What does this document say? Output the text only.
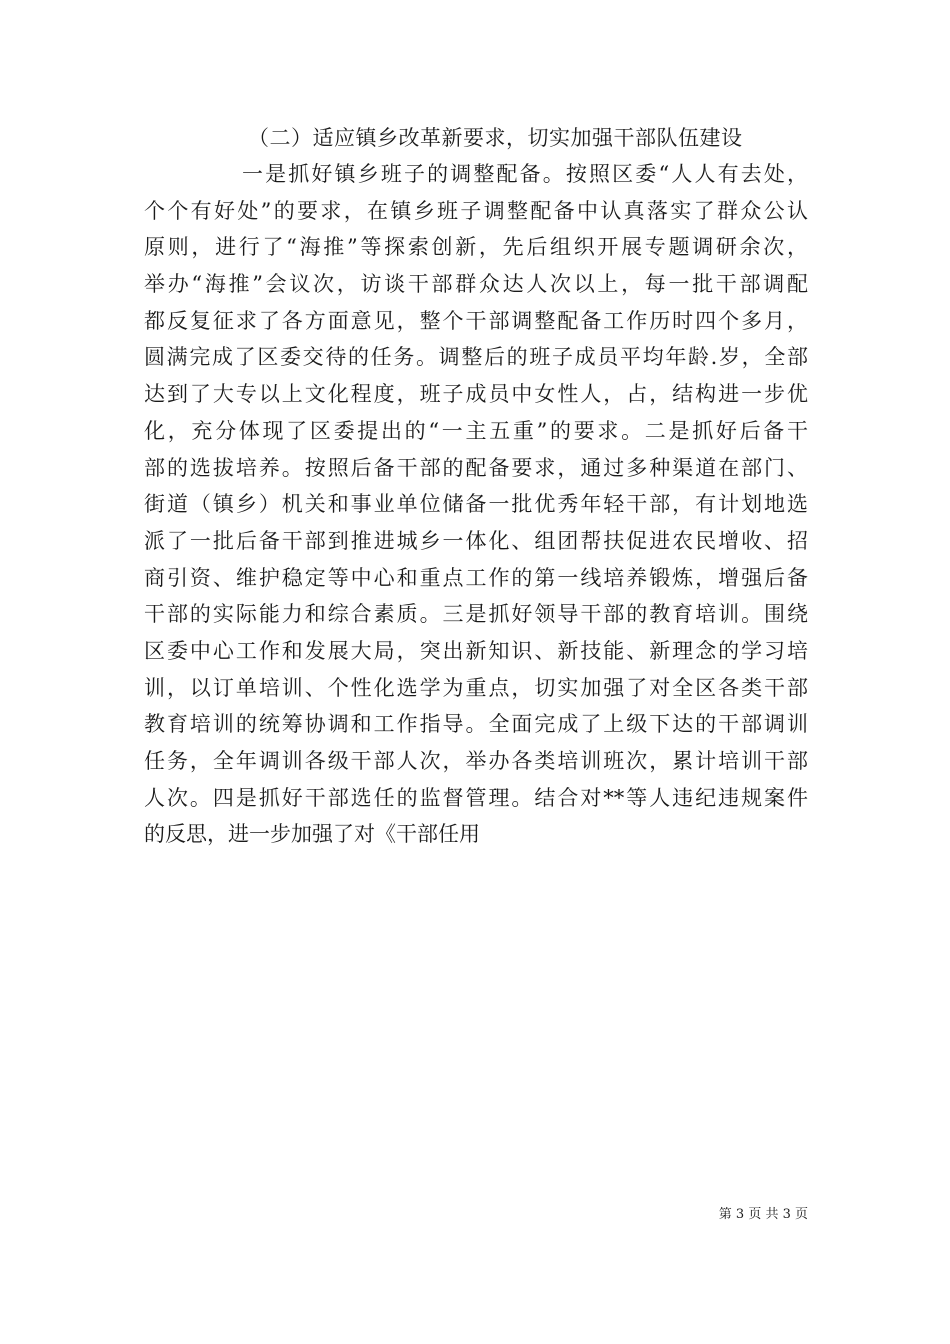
（二）适应镇乡改革新要求，切实加强干部队伍建设
一是抓好镇乡班子的调整配备。按照区委“人人有去处，
个个有好处”的要求，在镇乡班子调整配备中认真落实了群众公认
原则，进行了“海推”等探索创新，先后组织开展专题调研余次，
举办“海推”会议次，访谈干部群众达人次以上，每一批干部调配
都反复征求了各方面意见，整个干部调整配备工作历时四个多月，
圆满完成了区委交待的任务。调整后的班子成员平均年龄.岁，全部
达到了大专以上文化程度，班子成员中女性人，占，结构进一步优
化，充分体现了区委提出的“一主五重”的要求。二是抓好后备干
部的选拔培养。按照后备干部的配备要求，通过多种渠道在部门、
街道（镇乡）机关和事业单位储备一批优秀年轻干部，有计划地选
派了一批后备干部到推进城乡一体化、组团帮扶促进农民增收、招
商引资、维护稳定等中心和重点工作的第一线培养锻炼，增强后备
干部的实际能力和综合素质。三是抓好领导干部的教育培训。围绕
区委中心工作和发展大局，突出新知识、新技能、新理念的学习培
训，以订单培训、个性化选学为重点，切实加强了对全区各类干部
教育培训的统筹协调和工作指导。全面完成了上级下达的干部调训
任务，全年调训各级干部人次，举办各类培训班次，累计培训干部
人次。四是抓好干部选任的监督管理。结合对**等人违纪违规案件
的反思，进一步加强了对《干部任用
第 3 页 共 3 页
